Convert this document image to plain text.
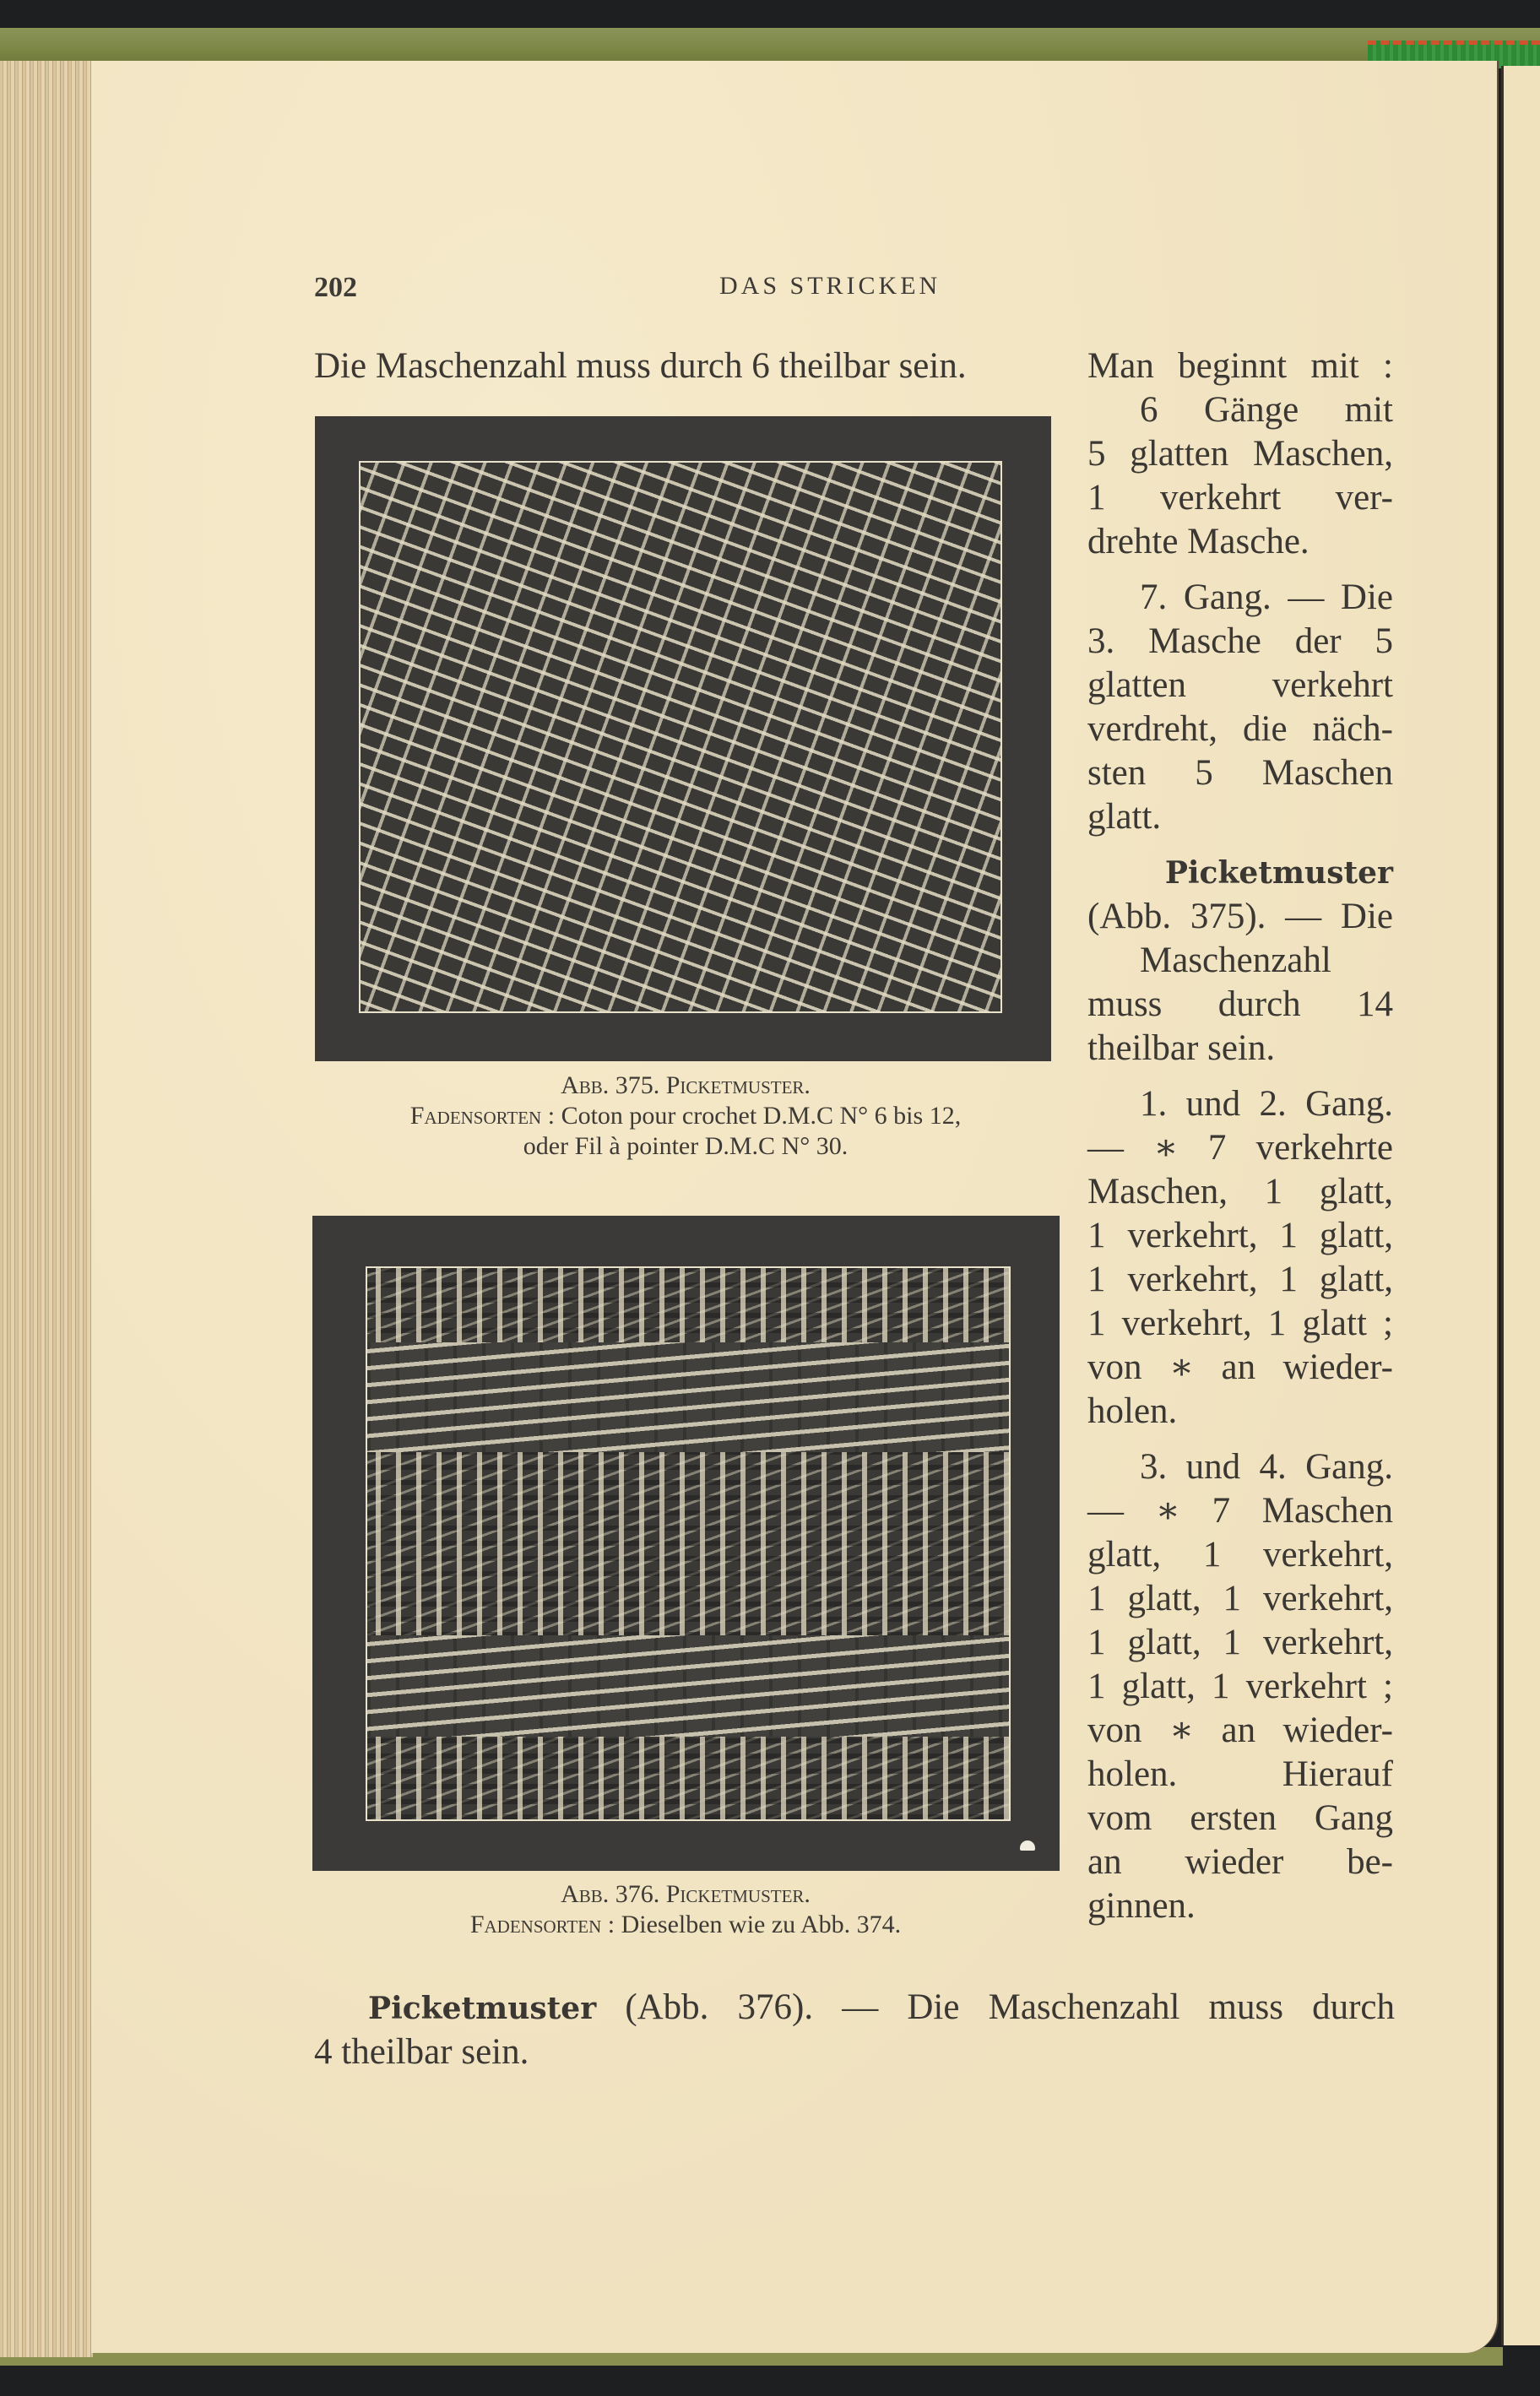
202	DAS STRICKEN
Die Maschenzahl muss durch 6 theilbar sein.	Man beginnt mit :

6 Gänge mit

5 glatten Maschen,

1 verkehrt ver-

drehte Masche.

7. Gang. — Die

3. Masche der 5

glatten verkehrt

verdreht, die näch-

sten 5 Maschen

glatt.

Picketmuster

(Abb. 375). — Die

Maschenzahl

muss durch 14

theilbar sein.

1. und 2. Gang.

— ∗ 7 verkehrte

Maschen, 1 glatt,

1 verkehrt, 1 glatt,

1 verkehrt, 1 glatt,

1 verkehrt, 1 glatt ;

von ∗ an wieder-

holen.

3. und 4. Gang.

— ∗ 7 Maschen

glatt, 1 verkehrt,

1 glatt, 1 verkehrt,

1 glatt, 1 verkehrt,

1 glatt, 1 verkehrt ;

von ∗ an wieder-

holen. Hierauf

vom ersten Gang

an wieder be-

ginnen.

Abb. 375. Picketmuster.
Fadensorten : Coton pour crochet D.M.C N° 6 bis 12,
oder Fil à pointer D.M.C N° 30.
Abb. 376. Picketmuster.
Fadensorten : Dieselben wie zu Abb. 374.

Picketmuster (Abb. 376). — Die Maschenzahl muss durch

4 theilbar sein.
